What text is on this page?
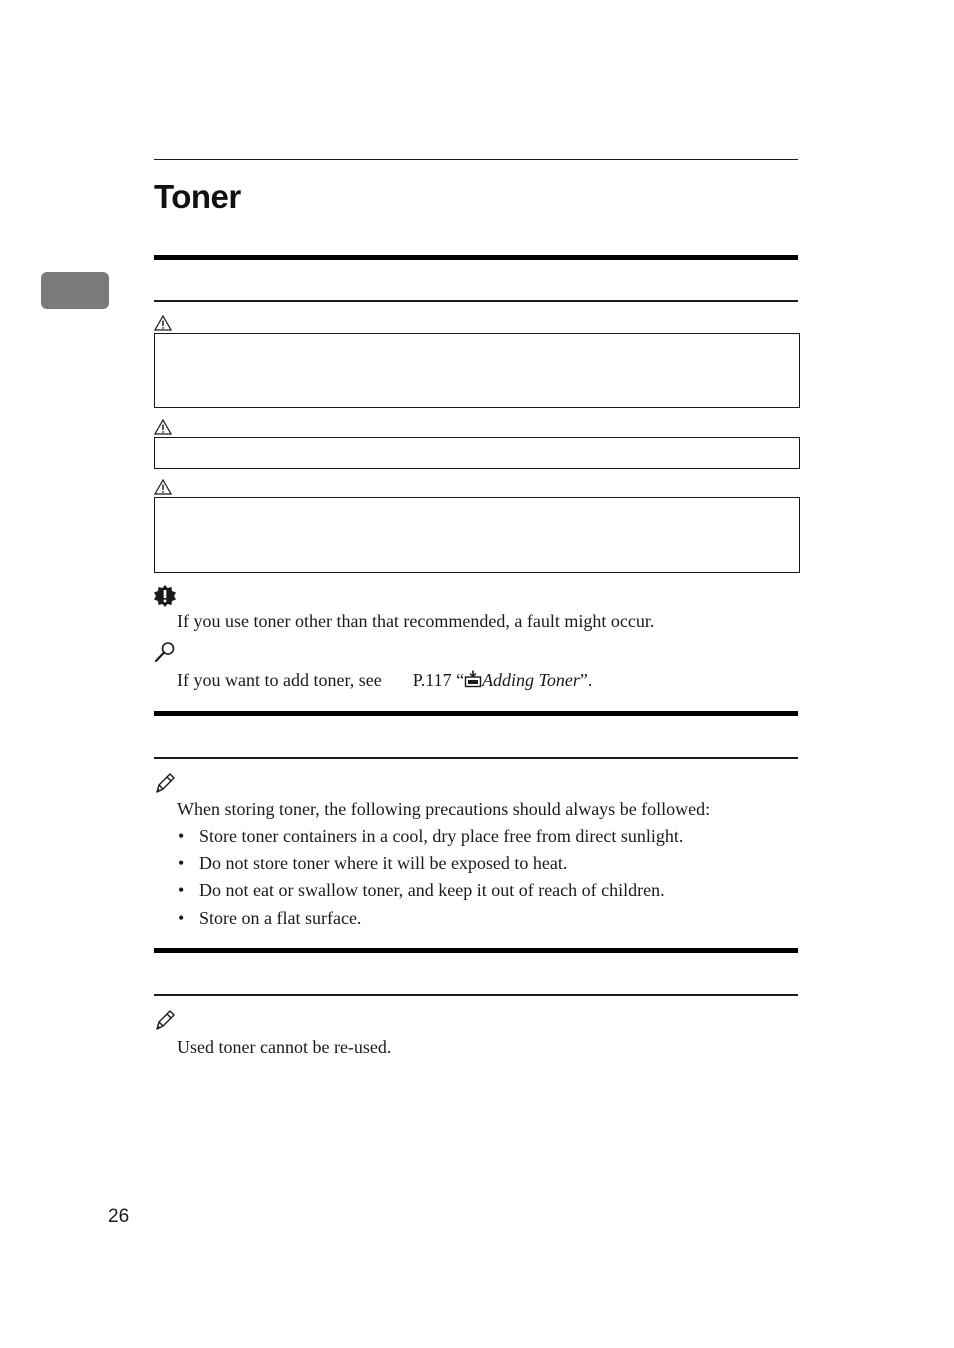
Toner
If you use toner other than that recommended, a fault might occur.
If you want to add toner, see P.117 “ Adding Toner”.
When storing toner, the following precautions should always be followed:
• Store toner containers in a cool, dry place free from direct sunlight.
• Do not store toner where it will be exposed to heat.
• Do not eat or swallow toner, and keep it out of reach of children.
• Store on a flat surface.
Used toner cannot be re-used.
26
